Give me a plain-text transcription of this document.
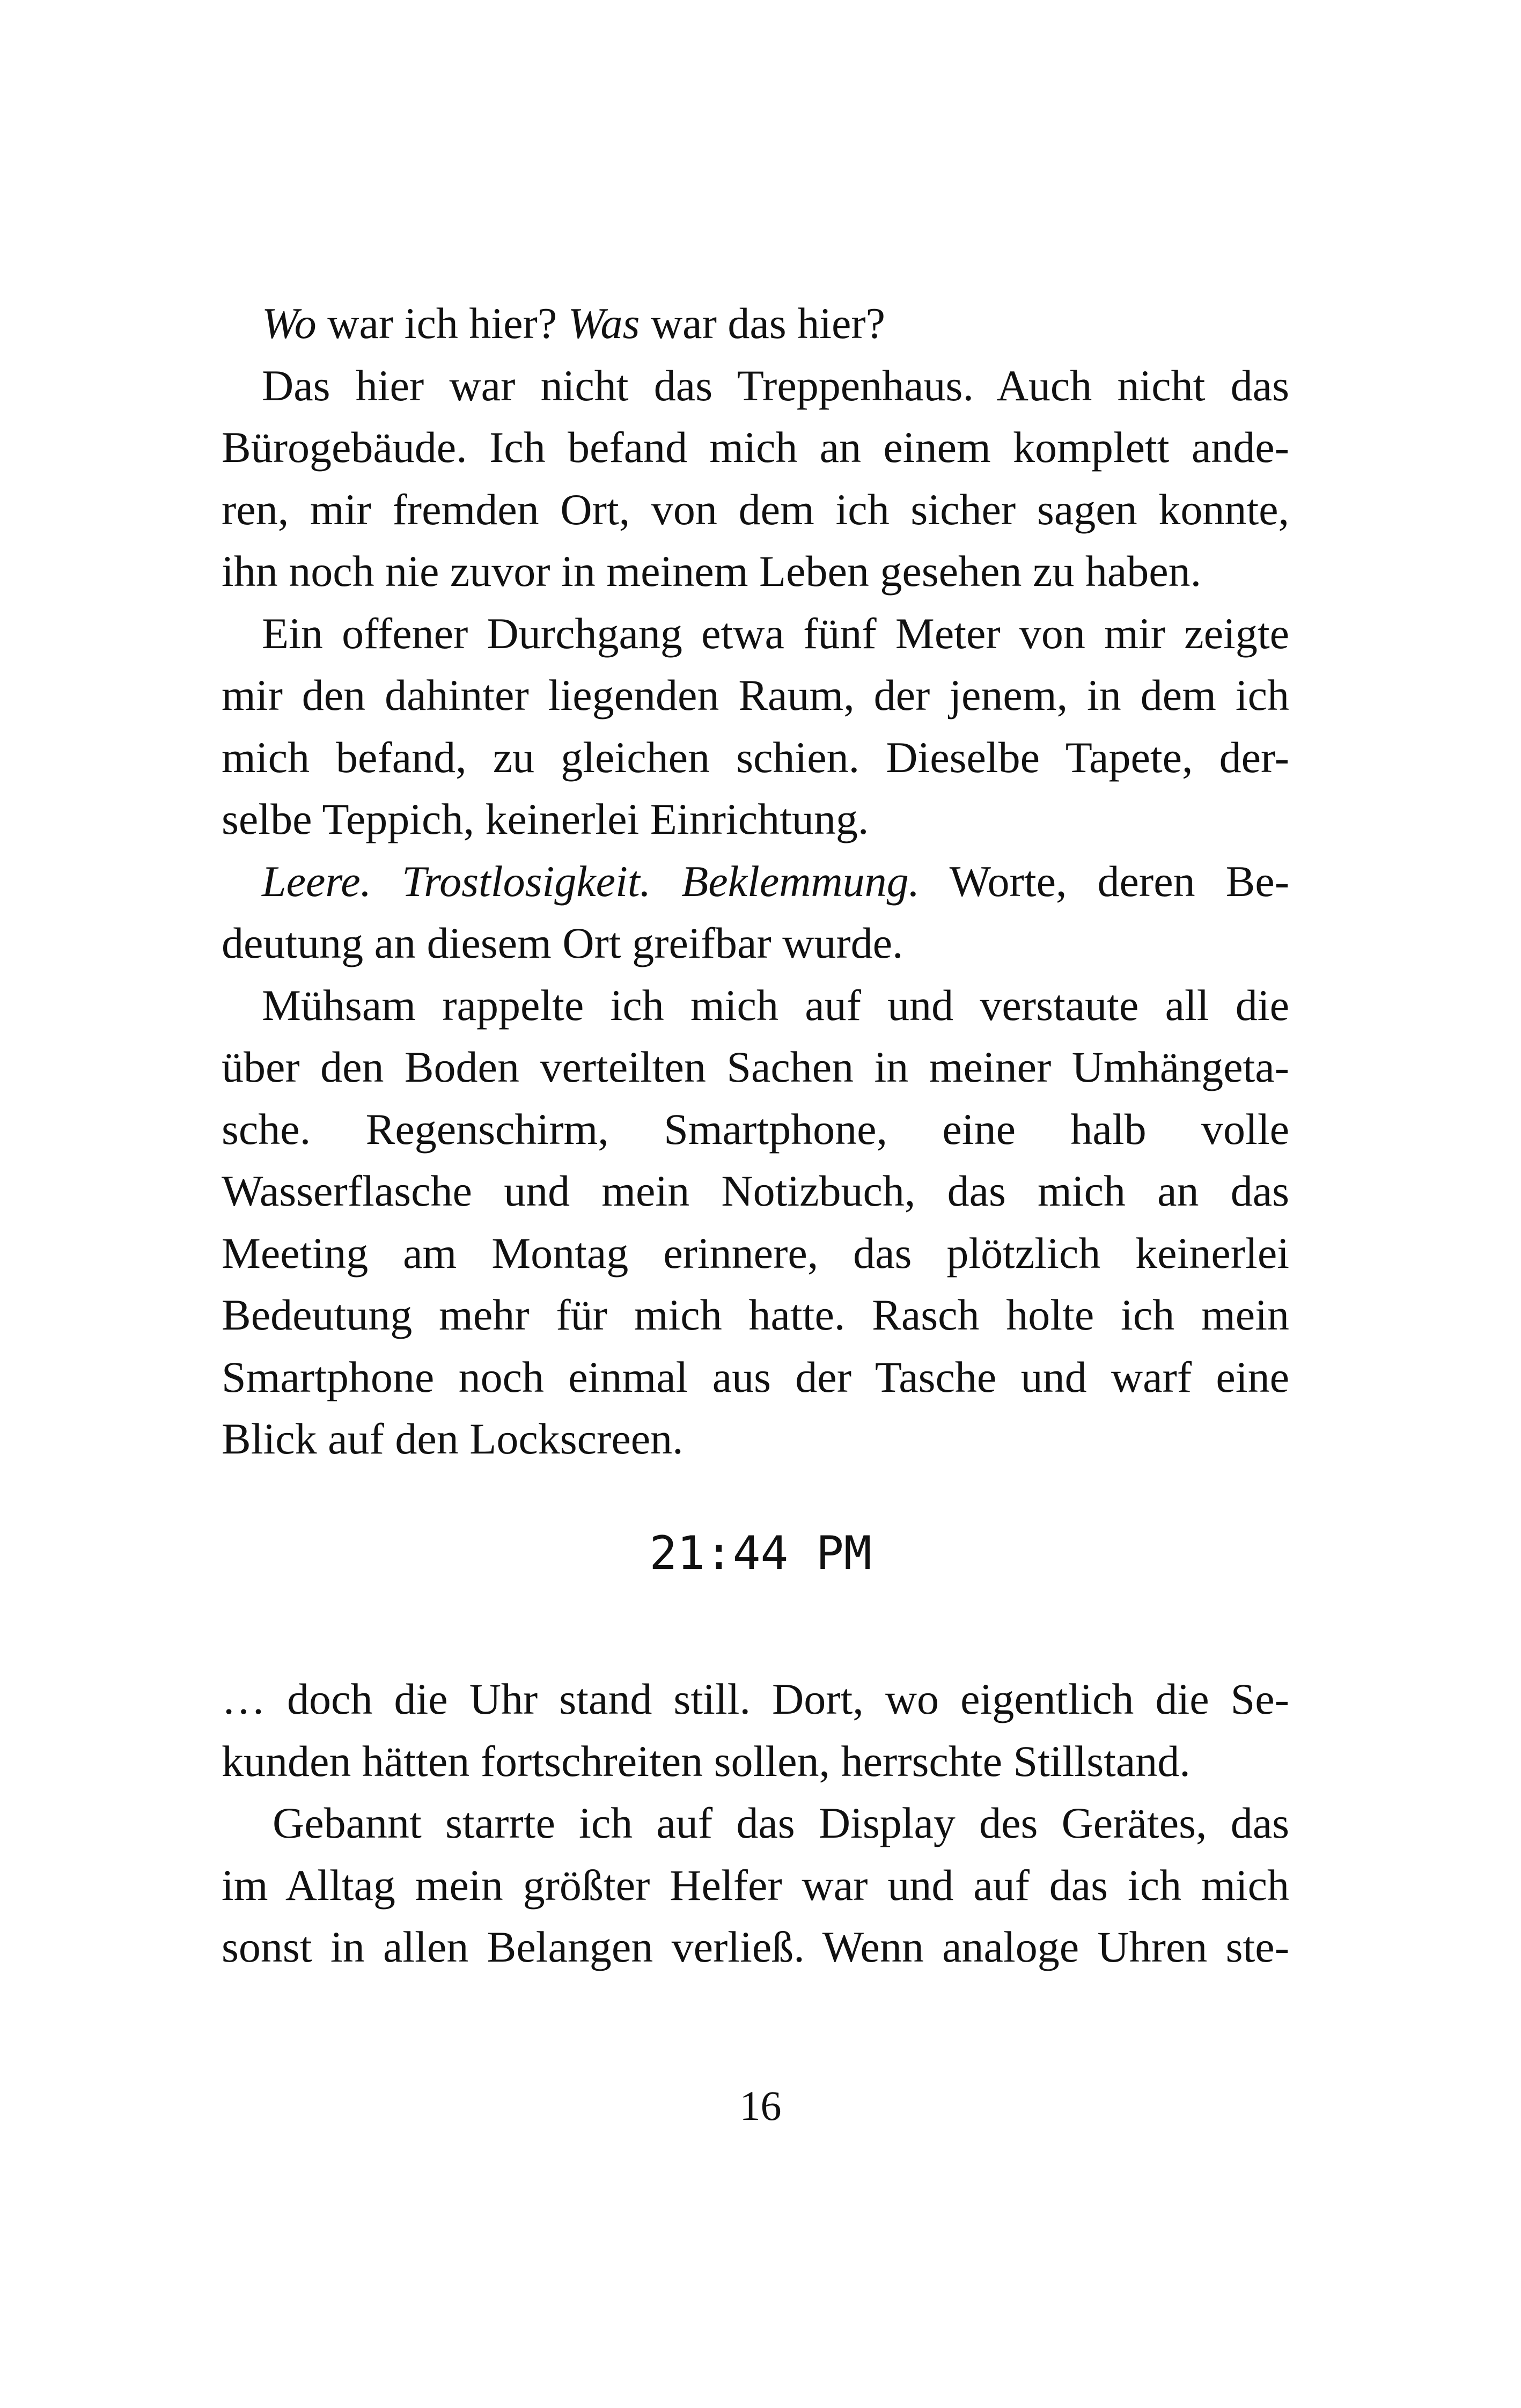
Wo war ich hier? Was war das hier?
Das hier war nicht das Treppenhaus. Auch nicht das
Bürogebäude. Ich befand mich an einem komplett ande-
ren, mir fremden Ort, von dem ich sicher sagen konnte,
ihn noch nie zuvor in meinem Leben gesehen zu haben.
Ein offener Durchgang etwa fünf Meter von mir zeigte
mir den dahinter liegenden Raum, der jenem, in dem ich
mich befand, zu gleichen schien. Dieselbe Tapete, der-
selbe Teppich, keinerlei Einrichtung.
Leere. Trostlosigkeit. Beklemmung. Worte, deren Be-
deutung an diesem Ort greifbar wurde.
Mühsam rappelte ich mich auf und verstaute all die
über den Boden verteilten Sachen in meiner Umhängeta-
sche. Regenschirm, Smartphone, eine halb volle
Wasserflasche und mein Notizbuch, das mich an das
Meeting am Montag erinnere, das plötzlich keinerlei
Bedeutung mehr für mich hatte. Rasch holte ich mein
Smartphone noch einmal aus der Tasche und warf eine
Blick auf den Lockscreen.
21:44 PM
… doch die Uhr stand still. Dort, wo eigentlich die Se-
kunden hätten fortschreiten sollen, herrschte Stillstand.
Gebannt starrte ich auf das Display des Gerätes, das
im Alltag mein größter Helfer war und auf das ich mich
sonst in allen Belangen verließ. Wenn analoge Uhren ste-
16
